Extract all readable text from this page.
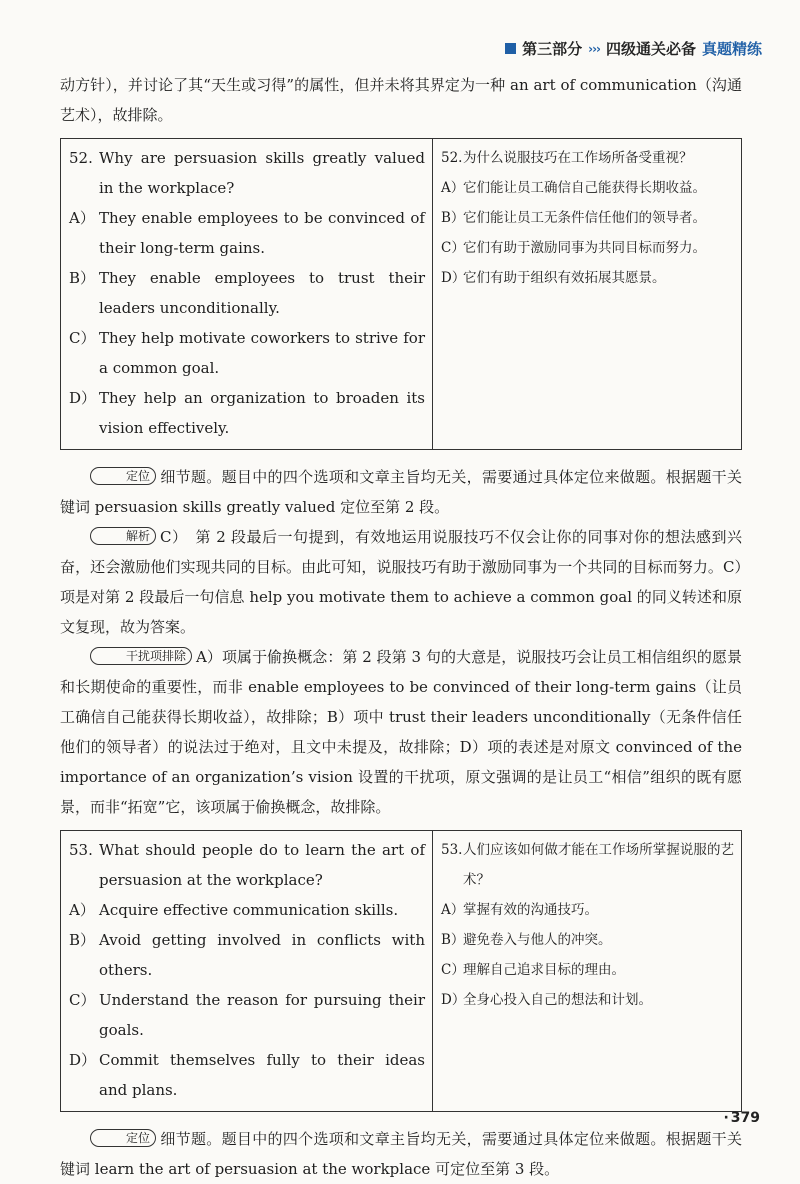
第三部分 ››› 四级通关必备 真题精练

动方针），并讨论了其“天生或习得”的属性，但并未将其界定为一种 an art of communication（沟通艺术），故排除。

52. Why are persuasion skills greatly valued in the workplace?
A） They enable employees to be convinced of their long-term gains.
B） They enable employees to trust their leaders unconditionally.
C） They help motivate coworkers to strive for a common goal.
D） They help an organization to broaden its vision effectively.

52. 为什么说服技巧在工作场所备受重视？
A）
它们能让员工确信自己能获得长期收益。
B）
它们能让员工无条件信任他们的领导者。
C）
它们有助于激励同事为共同目标而努力。
D）
它们有助于组织有效拓展其愿景。

定位 细节题。题目中的四个选项和文章主旨均无关，需要通过具体定位来做题。根据题干关键词 persuasion skills greatly valued 定位至第 2 段。

解析 C）　第 2 段最后一句提到，有效地运用说服技巧不仅会让你的同事对你的想法感到兴奋，还会激励他们实现共同的目标。由此可知，说服技巧有助于激励同事为一个共同的目标而努力。C）项是对第 2 段最后一句信息 help you motivate them to achieve a common goal 的同义转述和原文复现，故为答案。

干扰项排除 A）项属于偷换概念：第 2 段第 3 句的大意是，说服技巧会让员工相信组织的愿景和长期使命的重要性，而非 enable employees to be convinced of their long-term gains（让员工确信自己能获得长期收益），故排除；B）项中 trust their leaders unconditionally（无条件信任他们的领导者）的说法过于绝对，且文中未提及，故排除；D）项的表述是对原文 convinced of the importance of an organization’s vision 设置的干扰项，原文强调的是让员工“相信”组织的既有愿景，而非“拓宽”它，该项属于偷换概念，故排除。

53. What should people do to learn the art of persuasion at the workplace?
A） Acquire effective communication skills.
B） Avoid getting involved in conflicts with others.
C） Understand the reason for pursuing their goals.
D） Commit themselves fully to their ideas and plans.

53. 人们应该如何做才能在工作场所掌握说服的艺术？
A）
掌握有效的沟通技巧。
B）
避免卷入与他人的冲突。
C）
理解自己追求目标的理由。
D）
全身心投入自己的想法和计划。

定位 细节题。题目中的四个选项和文章主旨均无关，需要通过具体定位来做题。根据题干关键词 learn the art of persuasion at the workplace 可定位至第 3 段。

· 379
